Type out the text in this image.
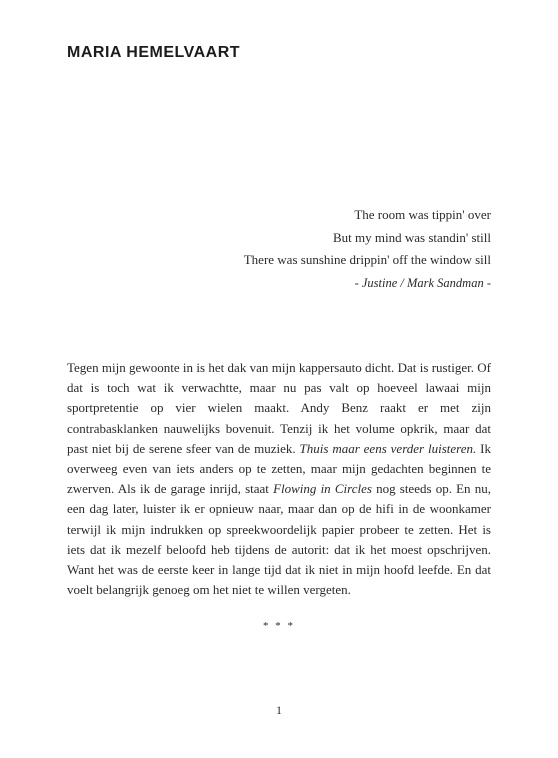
MARIA HEMELVAART
The room was tippin' over
But my mind was standin' still
There was sunshine drippin' off the window sill
- Justine / Mark Sandman -

Tegen mijn gewoonte in is het dak van mijn kappersauto dicht. Dat is rustiger. Of dat is toch wat ik verwachtte, maar nu pas valt op hoeveel lawaai mijn sportpretentie op vier wielen maakt. Andy Benz raakt er met zijn contrabasklanken nauwelijks bovenuit. Tenzij ik het volume opkrik, maar dat past niet bij de serene sfeer van de muziek. Thuis maar eens verder luisteren. Ik overweeg even van iets anders op te zetten, maar mijn gedachten beginnen te zwerven. Als ik de garage inrijd, staat Flowing in Circles nog steeds op. En nu, een dag later, luister ik er opnieuw naar, maar dan op de hifi in de woonkamer terwijl ik mijn indrukken op spreekwoordelijk papier probeer te zetten. Het is iets dat ik mezelf beloofd heb tijdens de autorit: dat ik het moest opschrijven. Want het was de eerste keer in lange tijd dat ik niet in mijn hoofd leefde. En dat voelt belangrijk genoeg om het niet te willen vergeten.

* * *
1
